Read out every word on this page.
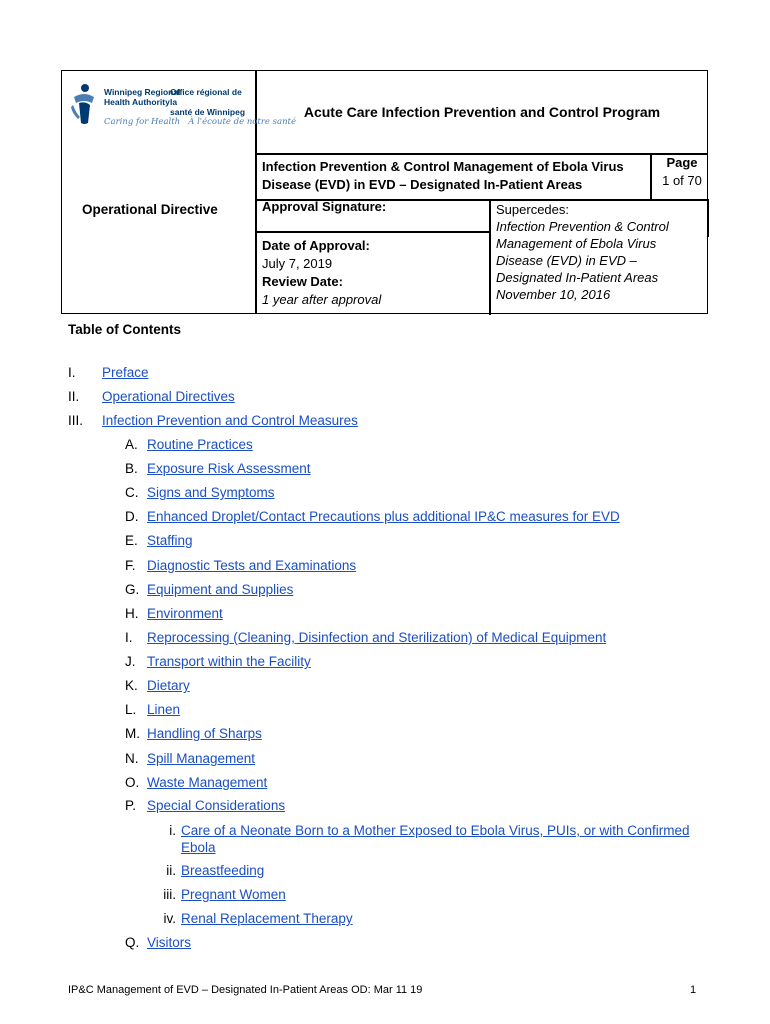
Winnipeg Regional
Health Authority
Office régional de la
santé de Winnipeg
Caring for Health À l'écoute de notre santé
Acute Care Infection Prevention and Control Program
Infection Prevention & Control Management of Ebola Virus Disease (EVD) in EVD – Designated In-Patient Areas
Page
1 of 70
Operational Directive	Approval Signature:
Date of Approval:
July 7, 2019
Review Date:
1 year after approval
Supercedes:
Infection Prevention & Control Management of Ebola Virus Disease (EVD) in EVD – Designated In-Patient Areas
November 10, 2016
Table of Contents
I. Preface
II. Operational Directives
III. Infection Prevention and Control Measures
A. Routine Practices
B. Exposure Risk Assessment
C. Signs and Symptoms
D. Enhanced Droplet/Contact Precautions plus additional IP&C measures for EVD
E. Staffing
F. Diagnostic Tests and Examinations
G. Equipment and Supplies
H. Environment
I. Reprocessing (Cleaning, Disinfection and Sterilization) of Medical Equipment
J. Transport within the Facility
K. Dietary
L. Linen
M. Handling of Sharps
N. Spill Management
O. Waste Management
P. Special Considerations
i. Care of a Neonate Born to a Mother Exposed to Ebola Virus, PUIs, or with Confirmed Ebola
ii. Breastfeeding
iii. Pregnant Women
iv. Renal Replacement Therapy
Q. Visitors
IP&C Management of EVD – Designated In-Patient Areas OD: Mar 11 19	1
